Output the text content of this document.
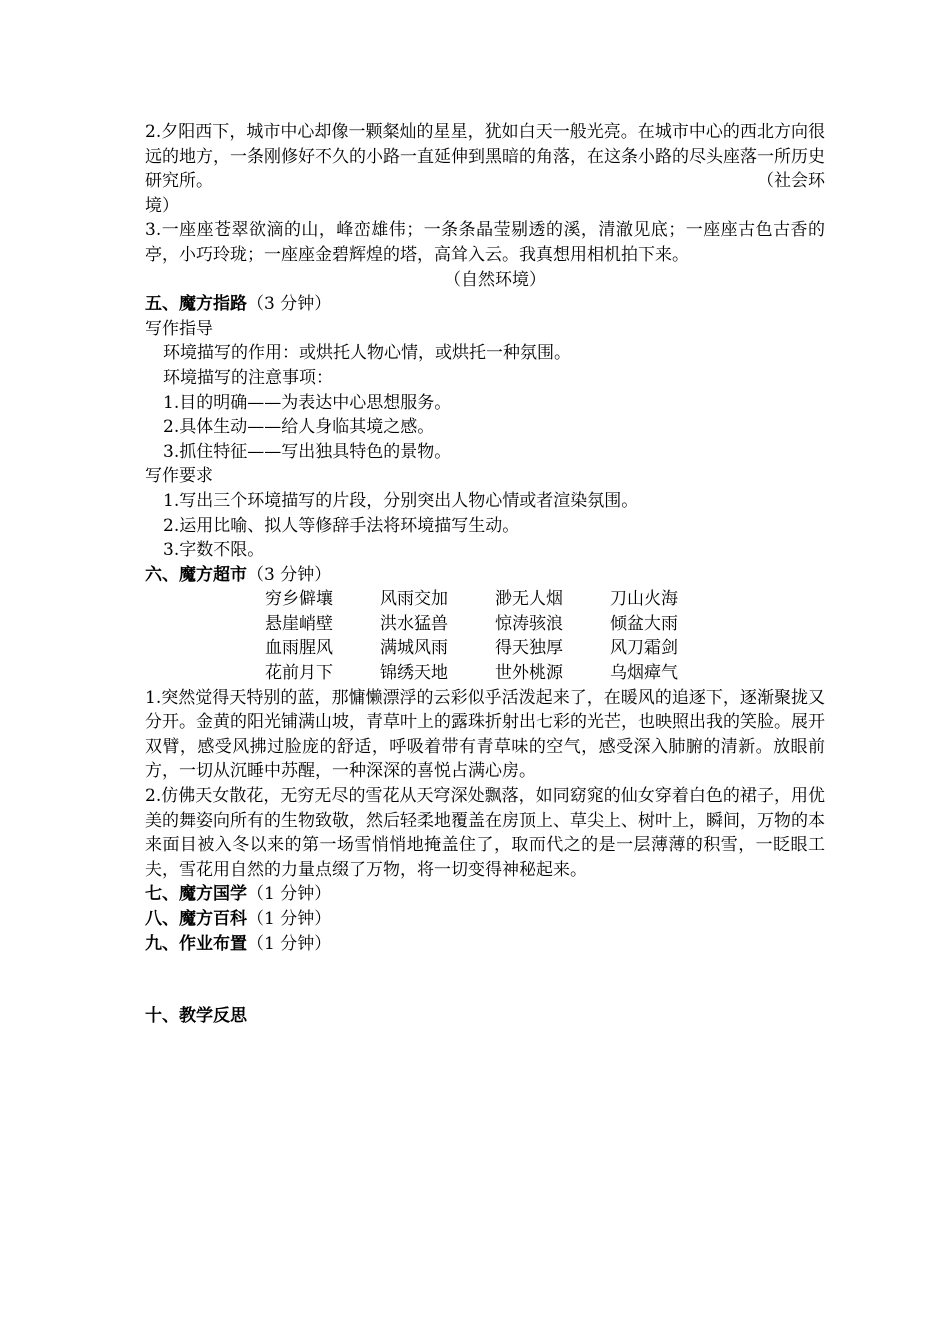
2.夕阳西下，城市中心却像一颗粲灿的星星，犹如白天一般光亮。在城市中心的西北方向很远的地方，一条刚修好不久的小路一直延伸到黑暗的角落，在这条小路的尽头座落一所历史研究所。	（社会环

境）

3.一座座苍翠欲滴的山，峰峦雄伟；一条条晶莹剔透的溪，清澈见底；一座座古色古香的亭，小巧玲珑；一座座金碧辉煌的塔，高耸入云。我真想用相机拍下来。

（自然环境）

五、魔方指路（3 分钟）

写作指导

环境描写的作用：或烘托人物心情，或烘托一种氛围。

环境描写的注意事项：

1.目的明确——为表达中心思想服务。

2.具体生动——给人身临其境之感。

3.抓住特征——写出独具特色的景物。

写作要求

1.写出三个环境描写的片段，分别突出人物心情或者渲染氛围。

2.运用比喻、拟人等修辞手法将环境描写生动。

3.字数不限。

六、魔方超市（3 分钟）

穷乡僻壤	风雨交加	渺无人烟	刀山火海
悬崖峭壁	洪水猛兽	惊涛骇浪	倾盆大雨
血雨腥风	满城风雨	得天独厚	风刀霜剑
花前月下	锦绣天地	世外桃源	乌烟瘴气

1.突然觉得天特别的蓝，那慵懒漂浮的云彩似乎活泼起来了，在暖风的追逐下，逐渐聚拢又分开。金黄的阳光铺满山坡，青草叶上的露珠折射出七彩的光芒，也映照出我的笑脸。展开双臂，感受风拂过脸庞的舒适，呼吸着带有青草味的空气，感受深入肺腑的清新。放眼前方，一切从沉睡中苏醒，一种深深的喜悦占满心房。

2.仿佛天女散花，无穷无尽的雪花从天穹深处飘落，如同窈窕的仙女穿着白色的裙子，用优美的舞姿向所有的生物致敬，然后轻柔地覆盖在房顶上、草尖上、树叶上，瞬间，万物的本来面目被入冬以来的第一场雪悄悄地掩盖住了，取而代之的是一层薄薄的积雪，一眨眼工夫，雪花用自然的力量点缀了万物，将一切变得神秘起来。

七、魔方国学（1 分钟）

八、魔方百科（1 分钟）

九、作业布置（1 分钟）

十、教学反思
